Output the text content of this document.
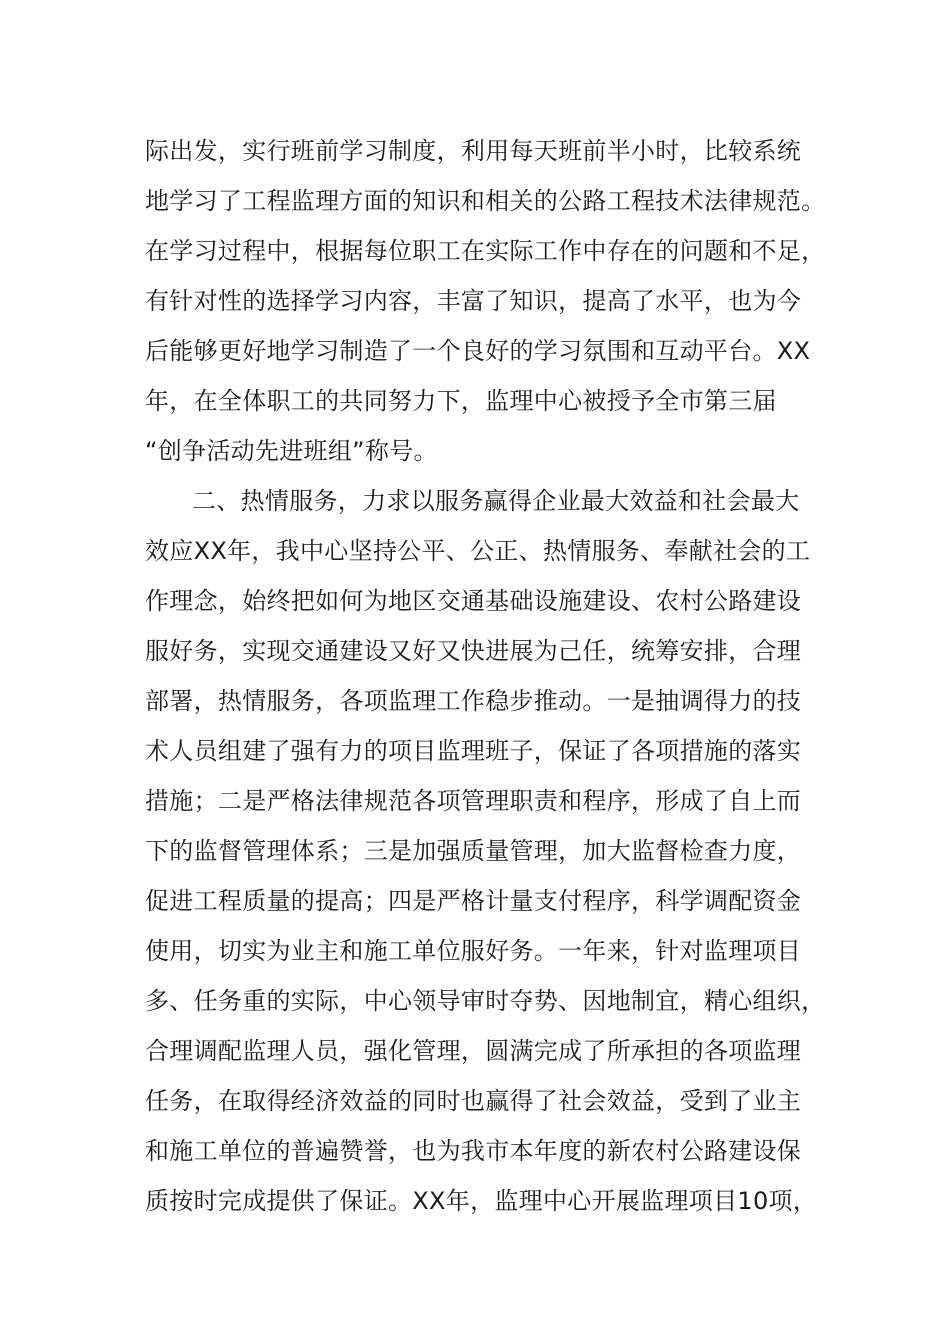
际出发，实行班前学习制度，利用每天班前半小时，比较系统
地学习了工程监理方面的知识和相关的公路工程技术法律规范。
在学习过程中，根据每位职工在实际工作中存在的问题和不足，
有针对性的选择学习内容，丰富了知识，提高了水平，也为今
后能够更好地学习制造了一个良好的学习氛围和互动平台。XX
年，在全体职工的共同努力下，监理中心被授予全市第三届
“创争活动先进班组”称号。
二、热情服务，力求以服务赢得企业最大效益和社会最大
效应XX年，我中心坚持公平、公正、热情服务、奉献社会的工
作理念，始终把如何为地区交通基础设施建设、农村公路建设
服好务，实现交通建设又好又快进展为己任，统筹安排，合理
部署，热情服务，各项监理工作稳步推动。一是抽调得力的技
术人员组建了强有力的项目监理班子，保证了各项措施的落实
措施；二是严格法律规范各项管理职责和程序，形成了自上而
下的监督管理体系；三是加强质量管理，加大监督检查力度，
促进工程质量的提高；四是严格计量支付程序，科学调配资金
使用，切实为业主和施工单位服好务。一年来，针对监理项目
多、任务重的实际，中心领导审时夺势、因地制宜，精心组织，
合理调配监理人员，强化管理，圆满完成了所承担的各项监理
任务，在取得经济效益的同时也赢得了社会效益，受到了业主
和施工单位的普遍赞誉，也为我市本年度的新农村公路建设保
质按时完成提供了保证。XX年，监理中心开展监理项目10项，
